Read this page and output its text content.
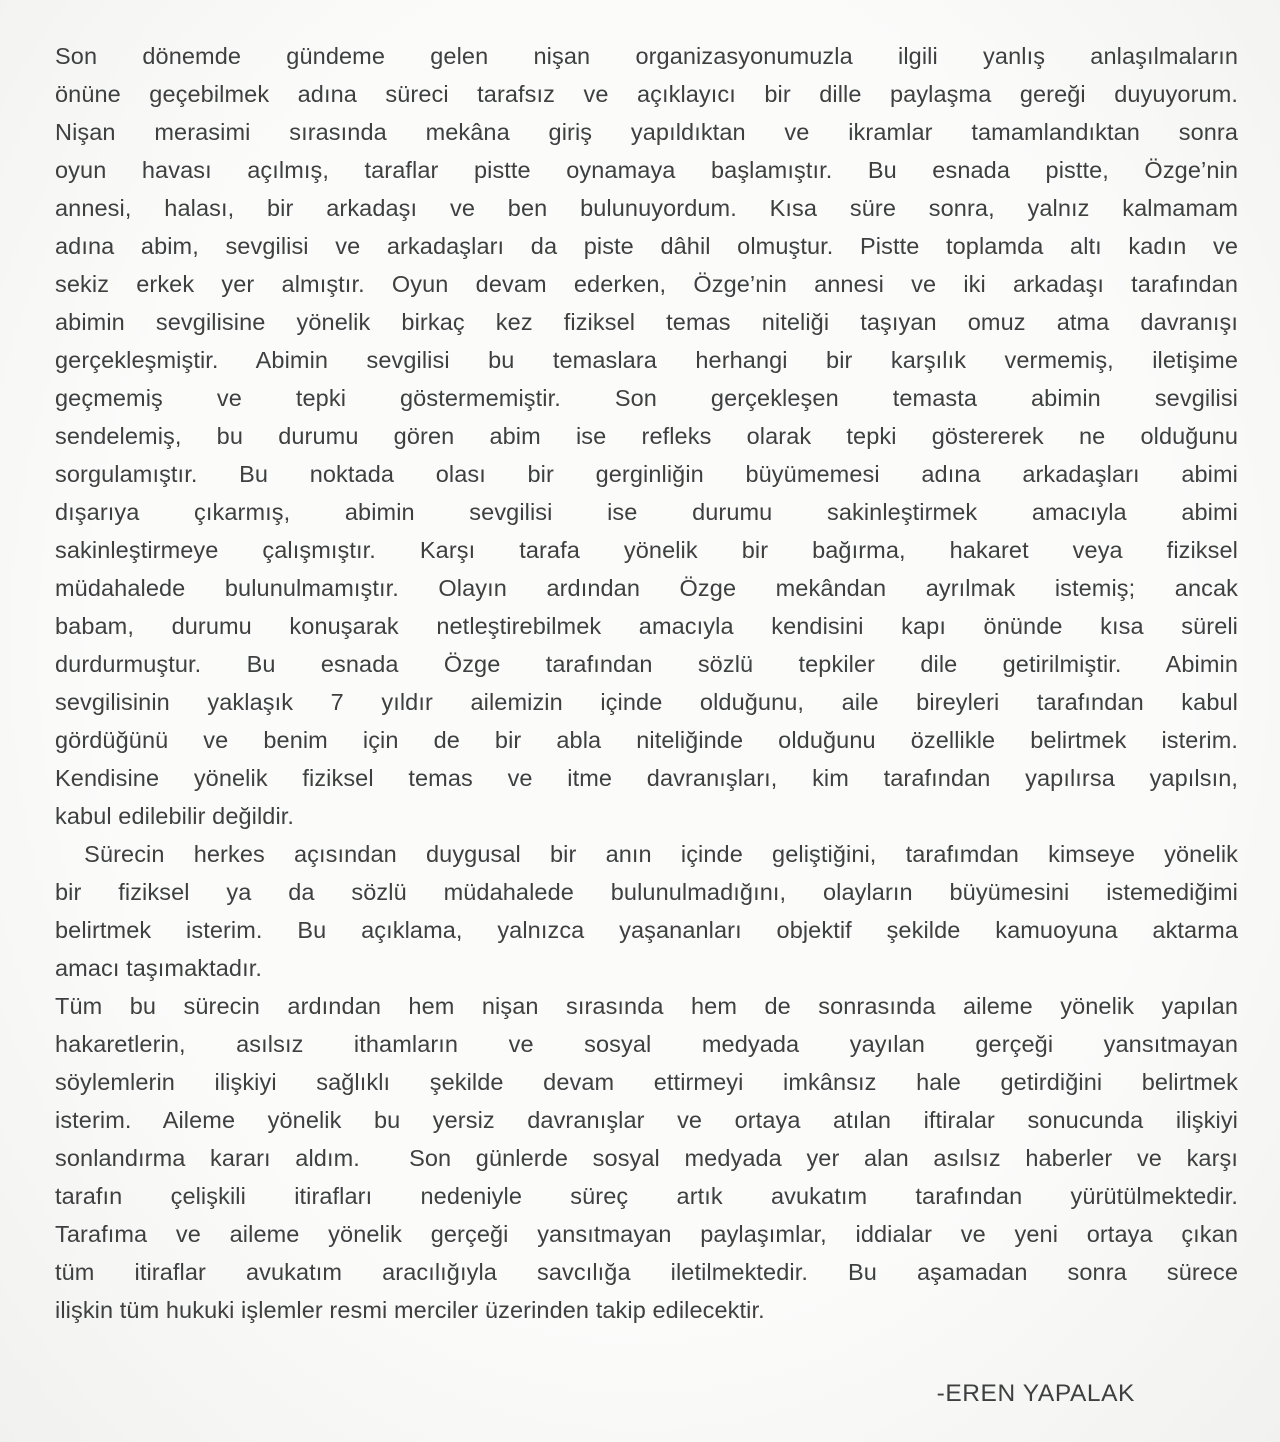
Son dönemde gündeme gelen nişan organizasyonumuzla ilgili yanlış anlaşılmaların
önüne geçebilmek adına süreci tarafsız ve açıklayıcı bir dille paylaşma gereği duyuyorum.
Nişan merasimi sırasında mekâna giriş yapıldıktan ve ikramlar tamamlandıktan sonra
oyun havası açılmış, taraflar pistte oynamaya başlamıştır. Bu esnada pistte, Özge’nin
annesi, halası, bir arkadaşı ve ben bulunuyordum. Kısa süre sonra, yalnız kalmamam
adına abim, sevgilisi ve arkadaşları da piste dâhil olmuştur. Pistte toplamda altı kadın ve
sekiz erkek yer almıştır. Oyun devam ederken, Özge’nin annesi ve iki arkadaşı tarafından
abimin sevgilisine yönelik birkaç kez fiziksel temas niteliği taşıyan omuz atma davranışı
gerçekleşmiştir. Abimin sevgilisi bu temaslara herhangi bir karşılık vermemiş, iletişime
geçmemiş ve tepki göstermemiştir. Son gerçekleşen temasta abimin sevgilisi
sendelemiş, bu durumu gören abim ise refleks olarak tepki göstererek ne olduğunu
sorgulamıştır. Bu noktada olası bir gerginliğin büyümemesi adına arkadaşları abimi
dışarıya çıkarmış, abimin sevgilisi ise durumu sakinleştirmek amacıyla abimi
sakinleştirmeye çalışmıştır. Karşı tarafa yönelik bir bağırma, hakaret veya fiziksel
müdahalede bulunulmamıştır. Olayın ardından Özge mekândan ayrılmak istemiş; ancak
babam, durumu konuşarak netleştirebilmek amacıyla kendisini kapı önünde kısa süreli
durdurmuştur. Bu esnada Özge tarafından sözlü tepkiler dile getirilmiştir. Abimin
sevgilisinin yaklaşık 7 yıldır ailemizin içinde olduğunu, aile bireyleri tarafından kabul
gördüğünü ve benim için de bir abla niteliğinde olduğunu özellikle belirtmek isterim.
Kendisine yönelik fiziksel temas ve itme davranışları, kim tarafından yapılırsa yapılsın,
kabul edilebilir değildir.
Sürecin herkes açısından duygusal bir anın içinde geliştiğini, tarafımdan kimseye yönelik
bir fiziksel ya da sözlü müdahalede bulunulmadığını, olayların büyümesini istemediğimi
belirtmek isterim. Bu açıklama, yalnızca yaşananları objektif şekilde kamuoyuna aktarma
amacı taşımaktadır.
Tüm bu sürecin ardından hem nişan sırasında hem de sonrasında aileme yönelik yapılan
hakaretlerin, asılsız ithamların ve sosyal medyada yayılan gerçeği yansıtmayan
söylemlerin ilişkiyi sağlıklı şekilde devam ettirmeyi imkânsız hale getirdiğini belirtmek
isterim. Aileme yönelik bu yersiz davranışlar ve ortaya atılan iftiralar sonucunda ilişkiyi
sonlandırma kararı aldım.  Son günlerde sosyal medyada yer alan asılsız haberler ve karşı
tarafın çelişkili itirafları nedeniyle süreç artık avukatım tarafından yürütülmektedir.
Tarafıma ve aileme yönelik gerçeği yansıtmayan paylaşımlar, iddialar ve yeni ortaya çıkan
tüm itiraflar avukatım aracılığıyla savcılığa iletilmektedir. Bu aşamadan sonra sürece
ilişkin tüm hukuki işlemler resmi merciler üzerinden takip edilecektir.
-EREN YAPALAK
